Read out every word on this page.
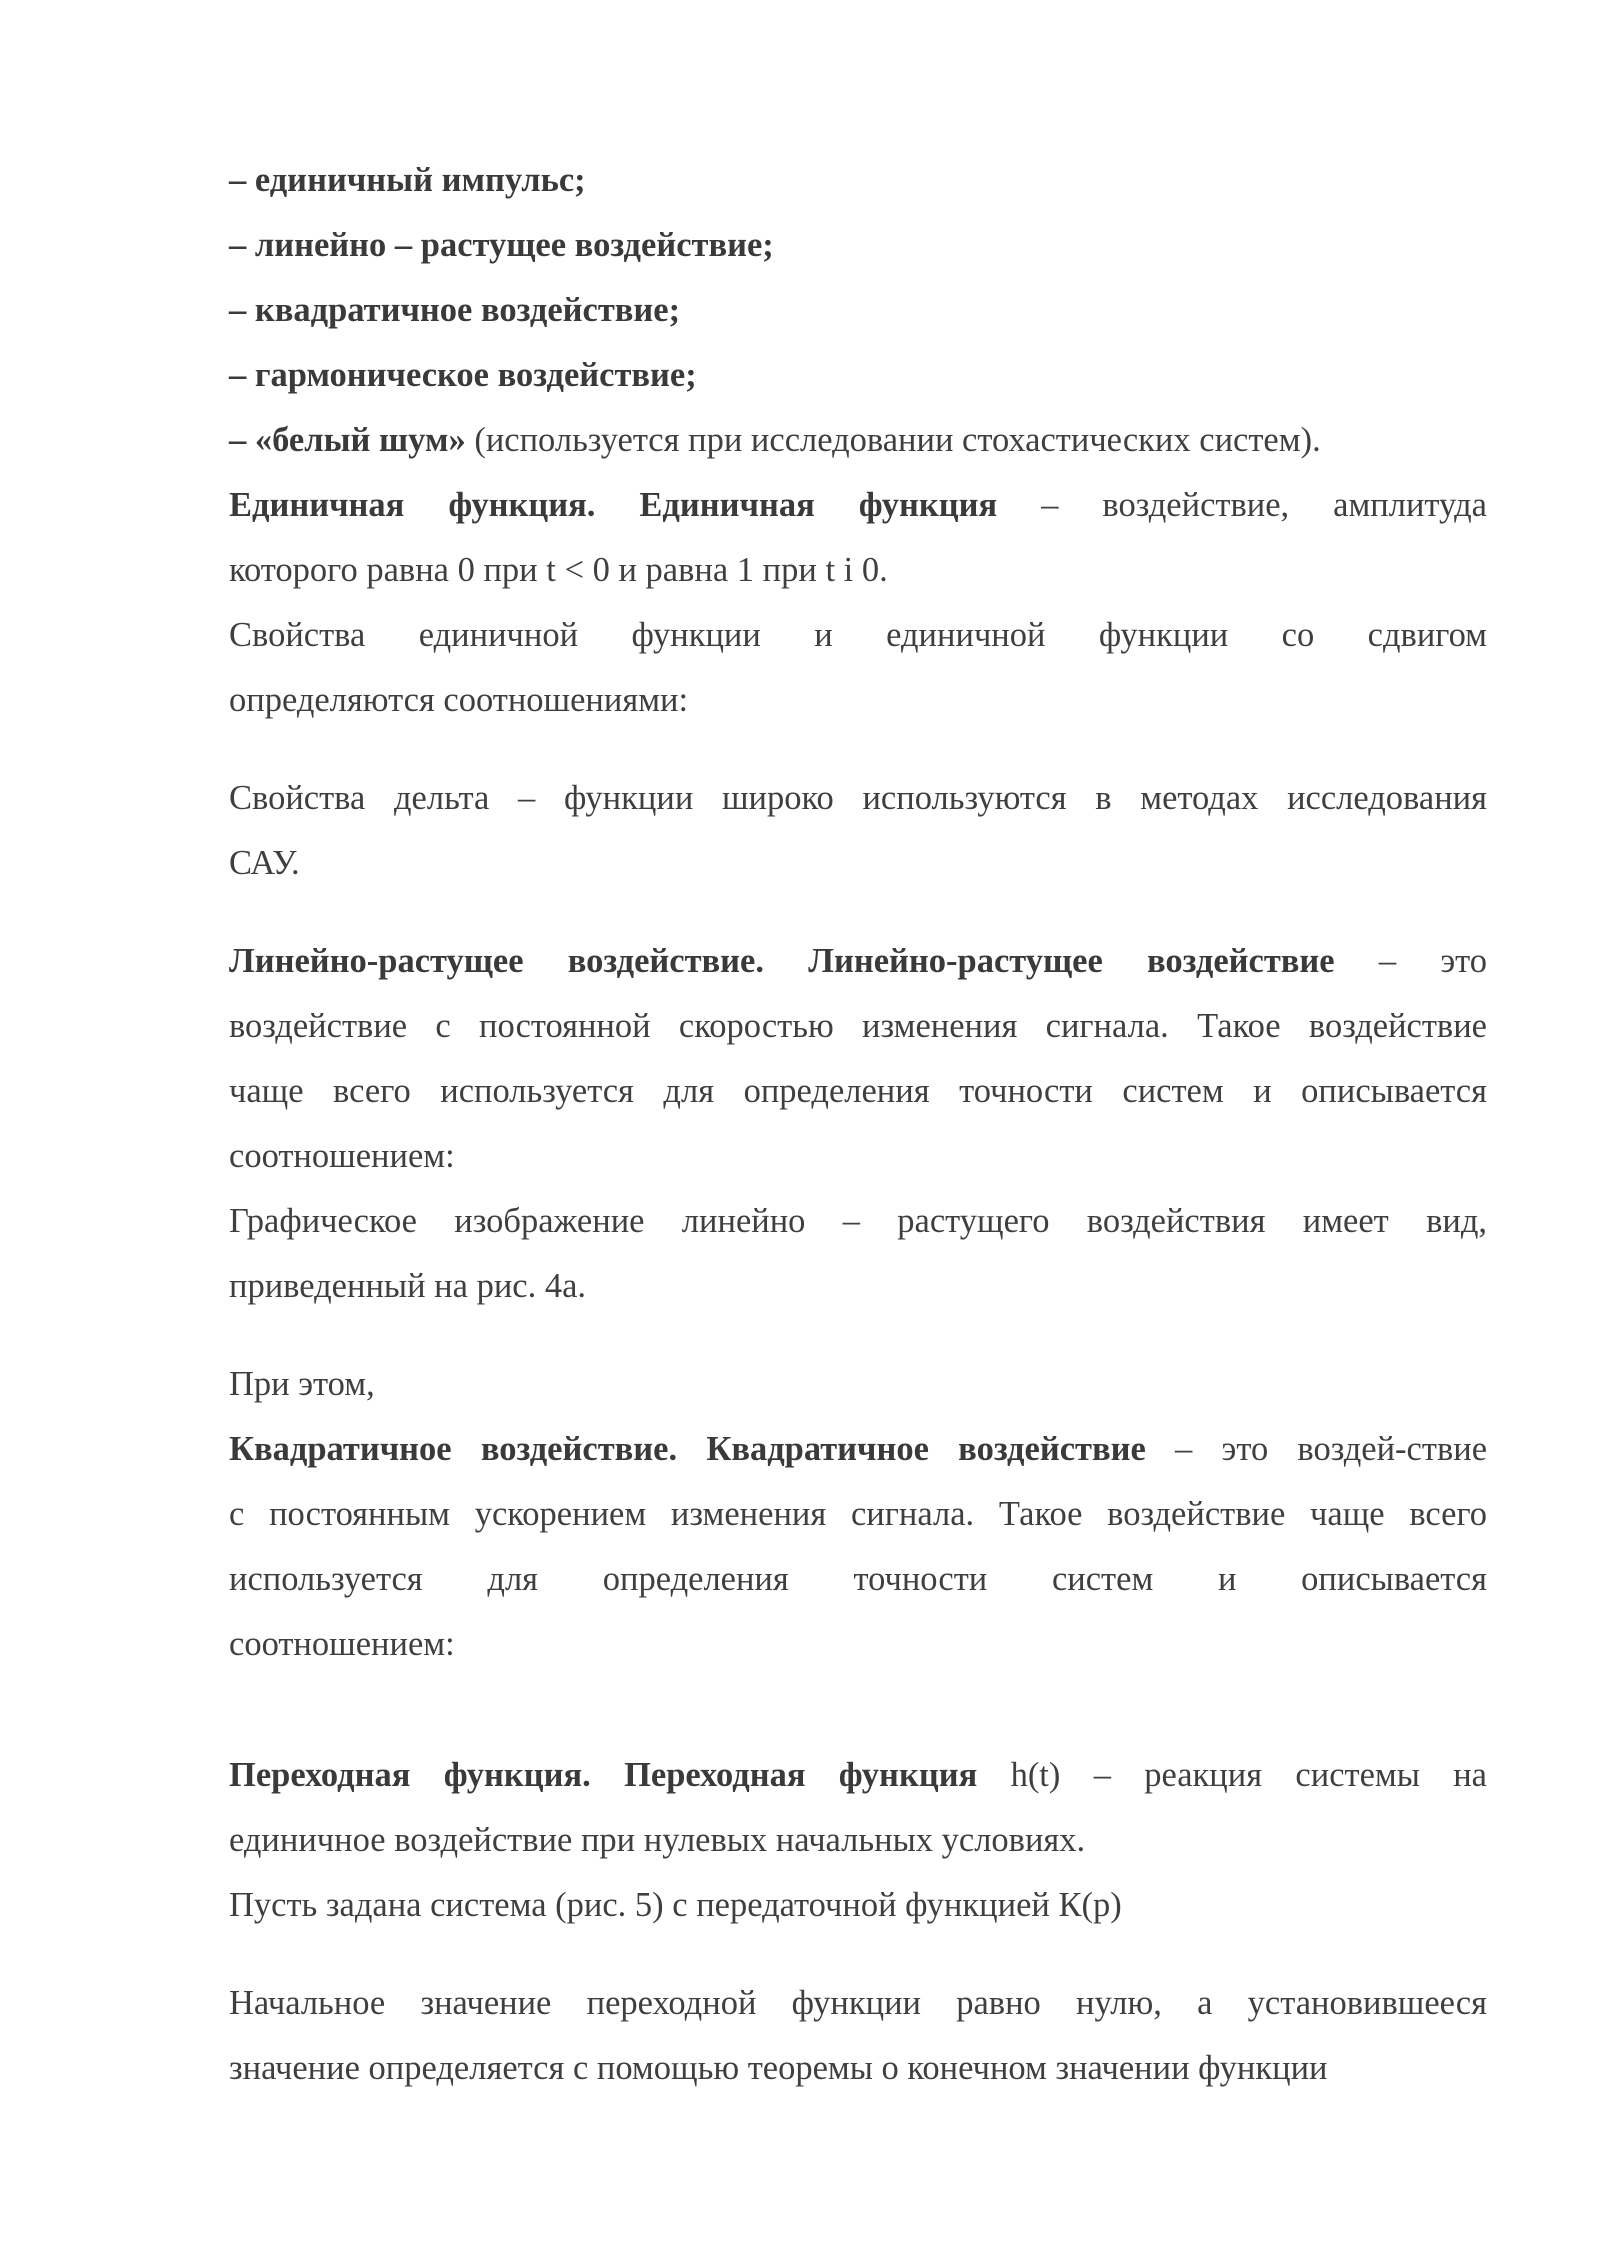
– единичный импульс;
– линейно – растущее воздействие;
– квадратичное воздействие;
– гармоническое воздействие;
– «белый шум» (используется при исследовании стохастических систем).
Единичная функция. Единичная функция – воздействие, амплитуда
которого равна 0 при t < 0 и равна 1 при t і 0.
Свойства единичной функции и единичной функции со сдвигом
определяются соотношениями:
Свойства дельта – функции широко используются в методах исследования
САУ.
Линейно-растущее воздействие. Линейно-растущее воздействие – это
воздействие с постоянной скоростью изменения сигнала. Такое воздействие
чаще всего используется для определения точности систем и описывается
соотношением:
Графическое изображение линейно – растущего воздействия имеет вид,
приведенный на рис. 4а.
При этом,
Квадратичное воздействие. Квадратичное воздействие – это воздей-ствие
с постоянным ускорением изменения сигнала. Такое воздействие чаще всего
используется для определения точности систем и описывается
соотношением:
Переходная функция. Переходная функция h(t) – реакция системы на
единичное воздействие при нулевых начальных условиях.
Пусть задана система (рис. 5) с передаточной функцией К(p)
Начальное значение переходной функции равно нулю, а установившееся
значение определяется с помощью теоремы о конечном значении функции
